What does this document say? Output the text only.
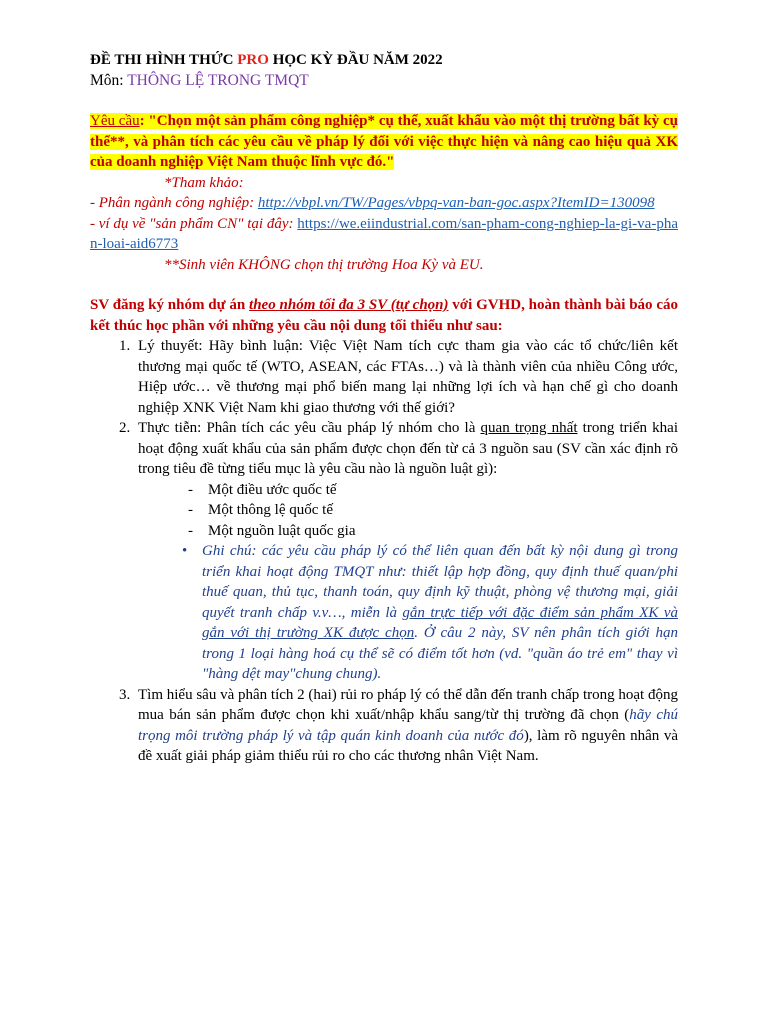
ĐỀ THI HÌNH THỨC PRO HỌC KỲ ĐẦU NĂM 2022

Môn: THÔNG LỆ TRONG TMQT

Yêu cầu: "Chọn một sản phẩm công nghiệp* cụ thể, xuất khẩu vào một thị trường bất kỳ cụ thể**, và phân tích các yêu cầu về pháp lý đối với việc thực hiện và nâng cao hiệu quả XK của doanh nghiệp Việt Nam thuộc lĩnh vực đó."

*Tham khảo:

- Phân ngành công nghiệp: http://vbpl.vn/TW/Pages/vbpq-van-ban-goc.aspx?ItemID=130098

- ví dụ về "sản phẩm CN" tại đây: https://we.eiindustrial.com/san-pham-cong-nghiep-la-gi-va-phan-loai-aid6773

**Sinh viên KHÔNG chọn thị trường Hoa Kỳ và EU.

SV đăng ký nhóm dự án theo nhóm tối đa 3 SV (tự chọn) với GVHD, hoàn thành bài báo cáo kết thúc học phần với những yêu cầu nội dung tối thiểu như sau:

1. Lý thuyết: Hãy bình luận: Việc Việt Nam tích cực tham gia vào các tổ chức/liên kết thương mại quốc tế (WTO, ASEAN, các FTAs…) và là thành viên của nhiều Công ước, Hiệp ước… về thương mại phổ biến mang lại những lợi ích và hạn chế gì cho doanh nghiệp XNK Việt Nam khi giao thương với thế giới?
2. Thực tiễn: Phân tích các yêu cầu pháp lý nhóm cho là quan trọng nhất trong triển khai hoạt động xuất khẩu của sản phẩm được chọn đến từ cả 3 nguồn sau (SV cần xác định rõ trong tiêu đề từng tiểu mục là yêu cầu nào là nguồn luật gì):
- Một điều ước quốc tế
- Một thông lệ quốc tế
- Một nguồn luật quốc gia
• Ghi chú: các yêu cầu pháp lý có thể liên quan đến bất kỳ nội dung gì trong triển khai hoạt động TMQT như: thiết lập hợp đồng, quy định thuế quan/phi thuế quan, thủ tục, thanh toán, quy định kỹ thuật, phòng vệ thương mại, giải quyết tranh chấp v.v…, miễn là gắn trực tiếp với đặc điểm sản phẩm XK và gắn với thị trường XK được chọn. Ở câu 2 này, SV nên phân tích giới hạn trong 1 loại hàng hoá cụ thể sẽ có điểm tốt hơn (vd. "quần áo trẻ em" thay vì "hàng dệt may"chung chung).
3. Tìm hiểu sâu và phân tích 2 (hai) rủi ro pháp lý có thể dẫn đến tranh chấp trong hoạt động mua bán sản phẩm được chọn khi xuất/nhập khẩu sang/từ thị trường đã chọn (hãy chú trọng môi trường pháp lý và tập quán kinh doanh của nước đó), làm rõ nguyên nhân và đề xuất giải pháp giảm thiểu rủi ro cho các thương nhân Việt Nam.
